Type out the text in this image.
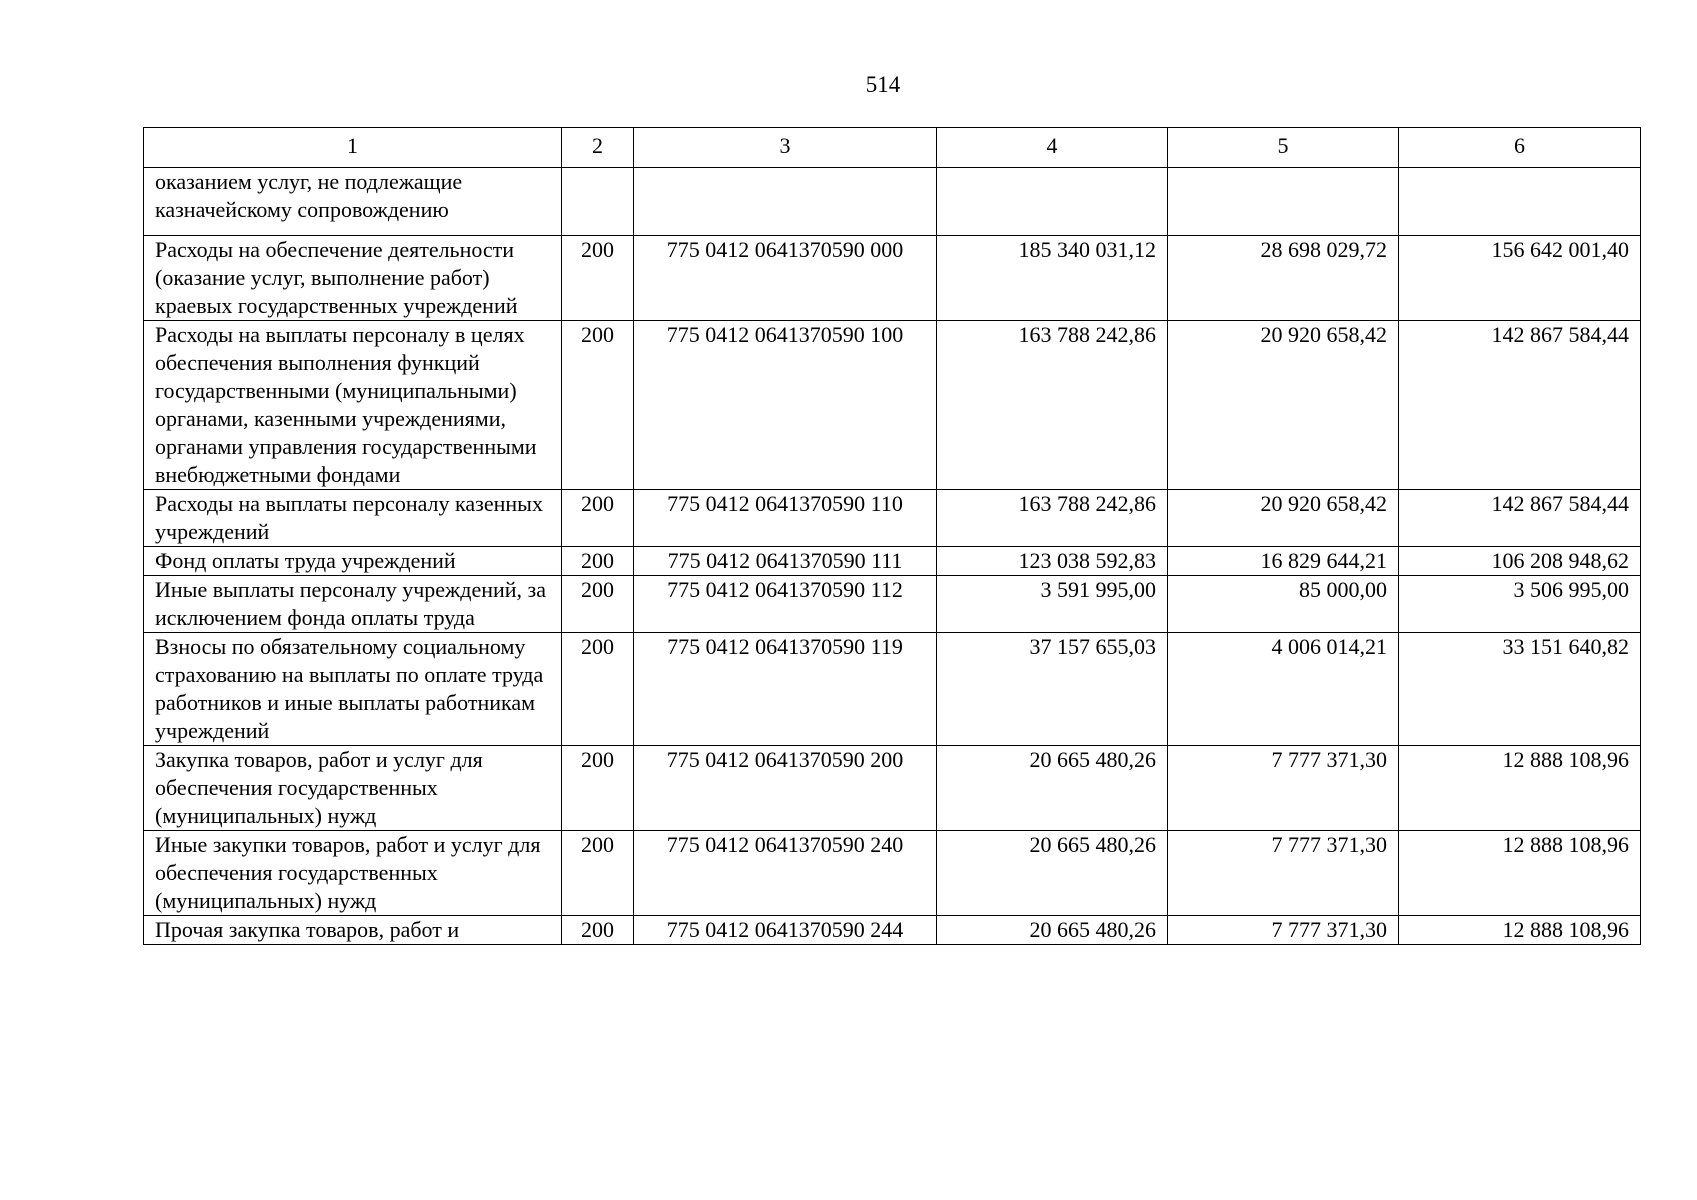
514
1	2	3	4	5	6
оказанием услуг, не подлежащие казначейскому сопровождению					
Расходы на обеспечение деятельности (оказание услуг, выполнение работ) краевых государственных учреждений	200	775 0412 0641370590 000	185 340 031,12	28 698 029,72	156 642 001,40
Расходы на выплаты персоналу в целях обеспечения выполнения функций государственными (муниципальными) органами, казенными учреждениями, органами управления государственными внебюджетными фондами	200	775 0412 0641370590 100	163 788 242,86	20 920 658,42	142 867 584,44
Расходы на выплаты персоналу казенных учреждений	200	775 0412 0641370590 110	163 788 242,86	20 920 658,42	142 867 584,44
Фонд оплаты труда учреждений	200	775 0412 0641370590 111	123 038 592,83	16 829 644,21	106 208 948,62
Иные выплаты персоналу учреждений, за исключением фонда оплаты труда	200	775 0412 0641370590 112	3 591 995,00	85 000,00	3 506 995,00
Взносы по обязательному социальному страхованию на выплаты по оплате труда работников и иные выплаты работникам учреждений	200	775 0412 0641370590 119	37 157 655,03	4 006 014,21	33 151 640,82
Закупка товаров, работ и услуг для обеспечения государственных (муниципальных) нужд	200	775 0412 0641370590 200	20 665 480,26	7 777 371,30	12 888 108,96
Иные закупки товаров, работ и услуг для обеспечения государственных (муниципальных) нужд	200	775 0412 0641370590 240	20 665 480,26	7 777 371,30	12 888 108,96
Прочая закупка товаров, работ и	200	775 0412 0641370590 244	20 665 480,26	7 777 371,30	12 888 108,96
